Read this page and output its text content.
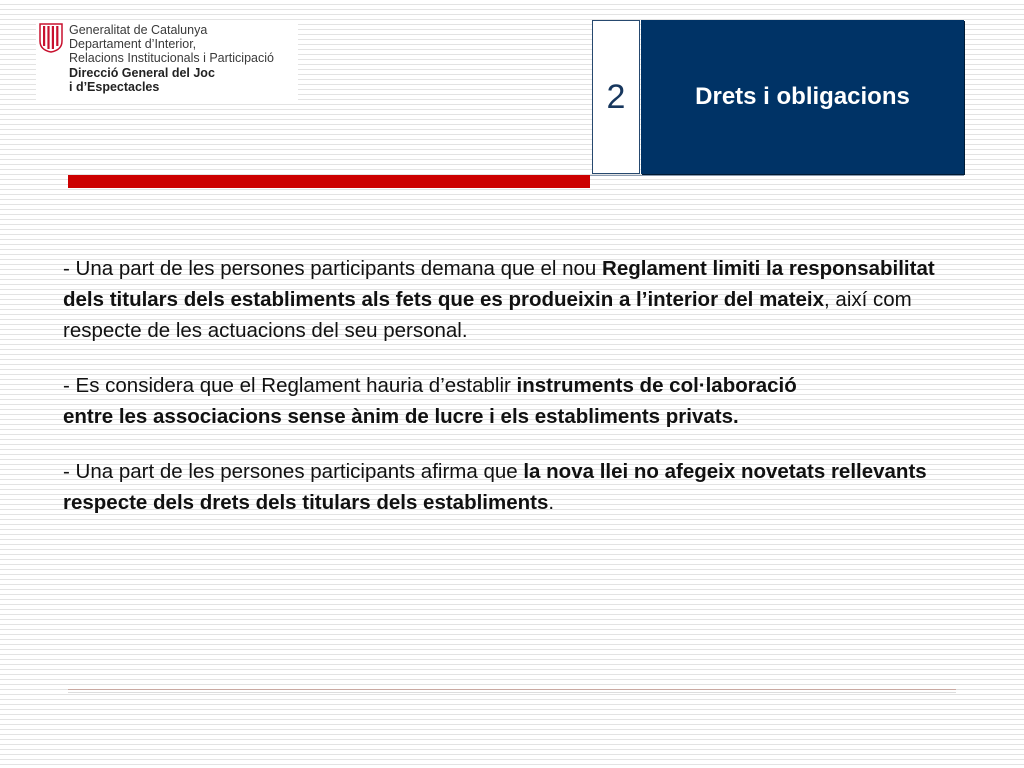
Generalitat de Catalunya
Departament d’Interior,
Relacions Institucionals i Participació
Direcció General del Joc
i d’Espectacles	2	Drets i obligacions

- Una part de les persones participants demana que el nou Reglament limiti la responsabilitat dels titulars dels establiments als fets que es produeixin a l’interior del mateix, així com respecte de les actuacions del seu personal.

- Es considera que el Reglament hauria d’establir instruments de col·laboració entre les associacions sense ànim de lucre i els establiments privats.

- Una part de les persones participants afirma que la nova llei no afegeix novetats rellevants respecte dels drets dels titulars dels establiments.
